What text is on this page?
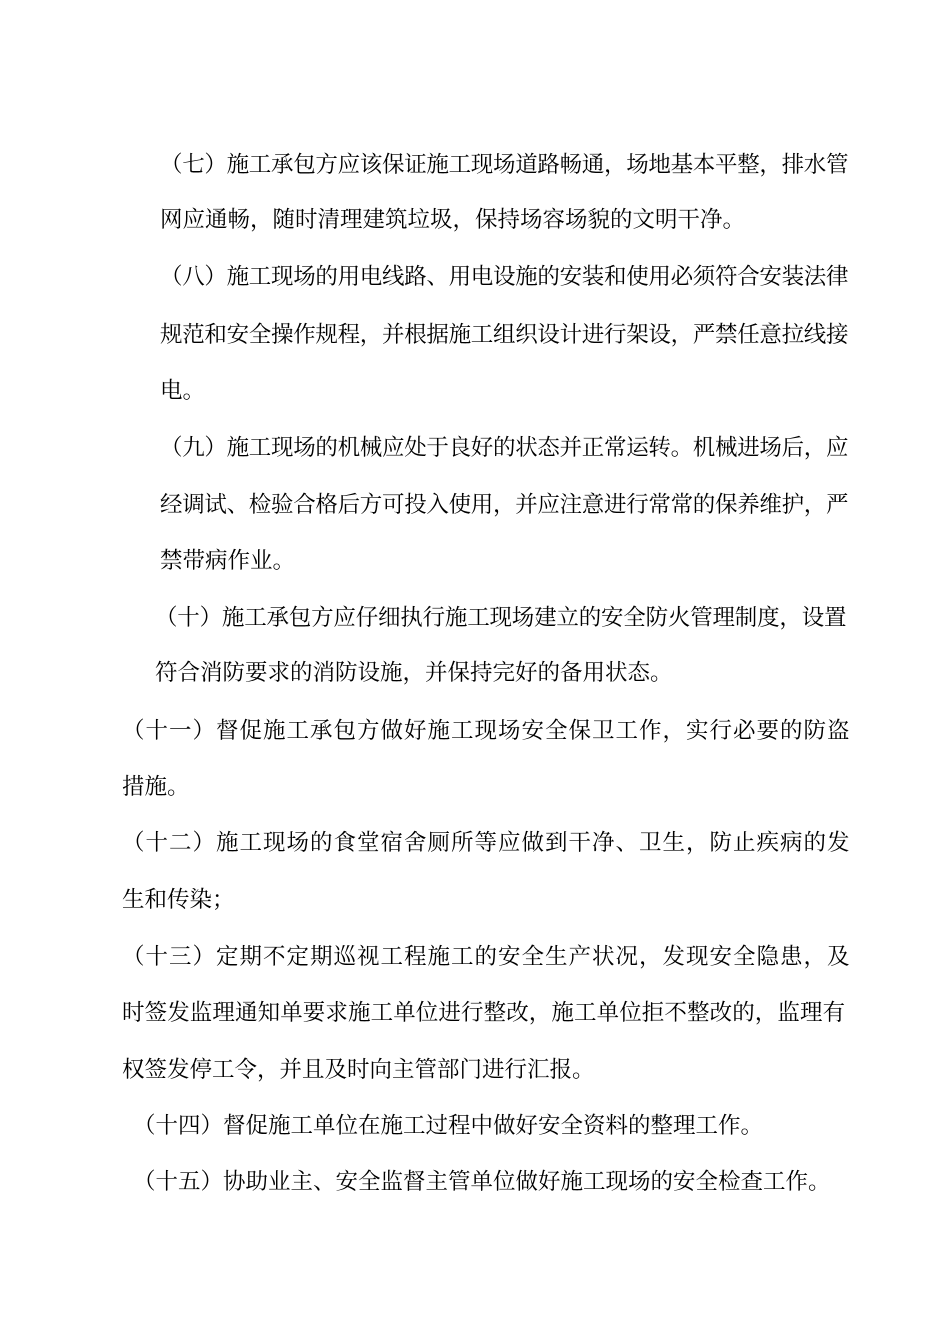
（七）施工承包方应该保证施工现场道路畅通，场地基本平整，排水管

网应通畅，随时清理建筑垃圾，保持场容场貌的文明干净。

（八）施工现场的用电线路、用电设施的安装和使用必须符合安装法律

规范和安全操作规程，并根据施工组织设计进行架设，严禁任意拉线接

电。

（九）施工现场的机械应处于良好的状态并正常运转。机械进场后，应

经调试、检验合格后方可投入使用，并应注意进行常常的保养维护，严

禁带病作业。

（十）施工承包方应仔细执行施工现场建立的安全防火管理制度，设置

符合消防要求的消防设施，并保持完好的备用状态。

（十一）督促施工承包方做好施工现场安全保卫工作，实行必要的防盗

措施。

（十二）施工现场的食堂宿舍厕所等应做到干净、卫生，防止疾病的发

生和传染；

（十三）定期不定期巡视工程施工的安全生产状况，发现安全隐患，及

时签发监理通知单要求施工单位进行整改，施工单位拒不整改的，监理有

权签发停工令，并且及时向主管部门进行汇报。

（十四）督促施工单位在施工过程中做好安全资料的整理工作。

（十五）协助业主、安全监督主管单位做好施工现场的安全检查工作。
